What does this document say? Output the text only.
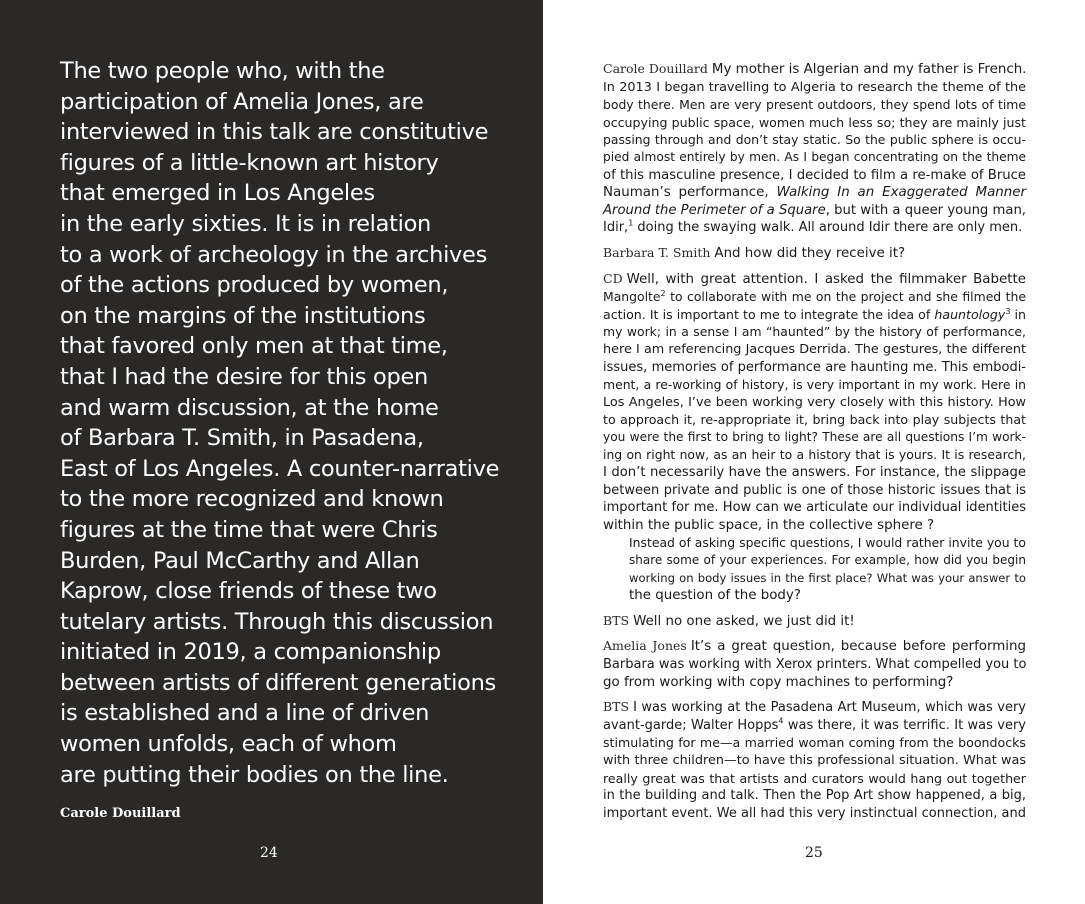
The two people who, with the
participation of Amelia Jones, are
interviewed in this talk are constitutive
figures of a little-known art history
that emerged in Los Angeles
in the early sixties. It is in relation
to a work of archeology in the archives
of the actions produced by women,
on the margins of the institutions
that favored only men at that time,
that I had the desire for this open
and warm discussion, at the home
of Barbara T. Smith, in Pasadena,
East of Los Angeles. A counter-narrative
to the more recognized and known
figures at the time that were Chris
Burden, Paul McCarthy and Allan
Kaprow, close friends of these two
tutelary artists. Through this discussion
initiated in 2019, a companionship
between artists of different generations
is established and a line of driven
women unfolds, each of whom
are putting their bodies on the line.
Carole Douillard
24
Carole Douillard My mother is Algerian and my father is French.
In 2013 I began travelling to Algeria to research the theme of the
body there. Men are very present outdoors, they spend lots of time
occupying public space, women much less so; they are mainly just
passing through and don’t stay static. So the public sphere is occu-
pied almost entirely by men. As I began concentrating on the theme
of this masculine presence, I decided to film a re-make of Bruce
Nauman’s performance, Walking In an Exaggerated Manner
Around the Perimeter of a Square, but with a queer young man,
Idir,$^1$ doing the swaying walk. All around Idir there are only men.
Barbara T. Smith And how did they receive it?
CD Well, with great attention. I asked the filmmaker Babette
Mangolte$^2$ to collaborate with me on the project and she filmed the
action. It is important to me to integrate the idea of hauntology$^3$ in
my work; in a sense I am “haunted” by the history of performance,
here I am referencing Jacques Derrida. The gestures, the different
issues, memories of performance are haunting me. This embodi-
ment, a re-working of history, is very important in my work. Here in
Los Angeles, I’ve been working very closely with this history. How
to approach it, re-appropriate it, bring back into play subjects that
you were the first to bring to light? These are all questions I’m work-
ing on right now, as an heir to a history that is yours. It is research,
I don’t necessarily have the answers. For instance, the slippage
between private and public is one of those historic issues that is
important for me. How can we articulate our individual identities
within the public space, in the collective sphere ?
Instead of asking specific questions, I would rather invite you to
share some of your experiences. For example, how did you begin
working on body issues in the first place? What was your answer to
the question of the body?
BTS Well no one asked, we just did it!
Amelia Jones It’s a great question, because before performing
Barbara was working with Xerox printers. What compelled you to
go from working with copy machines to performing?
BTS I was working at the Pasadena Art Museum, which was very
avant-garde; Walter Hopps$^4$ was there, it was terrific. It was very
stimulating for me—a married woman coming from the boondocks
with three children—to have this professional situation. What was
really great was that artists and curators would hang out together
in the building and talk. Then the Pop Art show happened, a big,
important event. We all had this very instinctual connection, and
25
